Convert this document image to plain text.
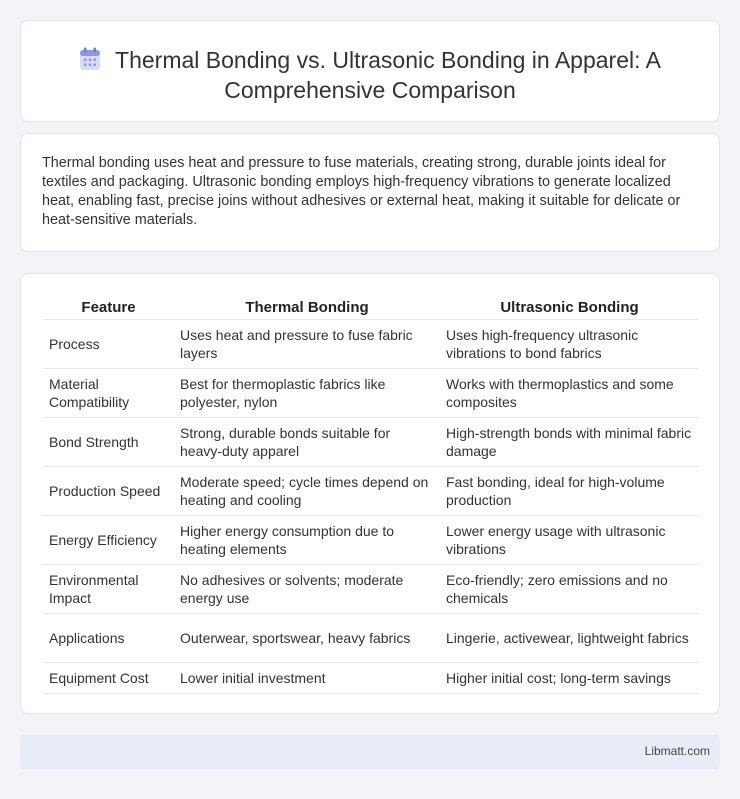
Thermal Bonding vs. Ultrasonic Bonding in Apparel: A Comprehensive Comparison

Thermal bonding uses heat and pressure to fuse materials, creating strong, durable joints ideal for textiles and packaging. Ultrasonic bonding employs high-frequency vibrations to generate localized heat, enabling fast, precise joins without adhesives or external heat, making it suitable for delicate or heat-sensitive materials.

Feature	Thermal Bonding	Ultrasonic Bonding
Process	Uses heat and pressure to fuse fabric layers	Uses high-frequency ultrasonic vibrations to bond fabrics
Material Compatibility	Best for thermoplastic fabrics like polyester, nylon	Works with thermoplastics and some composites
Bond Strength	Strong, durable bonds suitable for heavy-duty apparel	High-strength bonds with minimal fabric damage
Production Speed	Moderate speed; cycle times depend on heating and cooling	Fast bonding, ideal for high-volume production
Energy Efficiency	Higher energy consumption due to heating elements	Lower energy usage with ultrasonic vibrations
Environmental Impact	No adhesives or solvents; moderate energy use	Eco-friendly; zero emissions and no chemicals
Applications	Outerwear, sportswear, heavy fabrics	Lingerie, activewear, lightweight fabrics
Equipment Cost	Lower initial investment	Higher initial cost; long-term savings
Libmatt.com
